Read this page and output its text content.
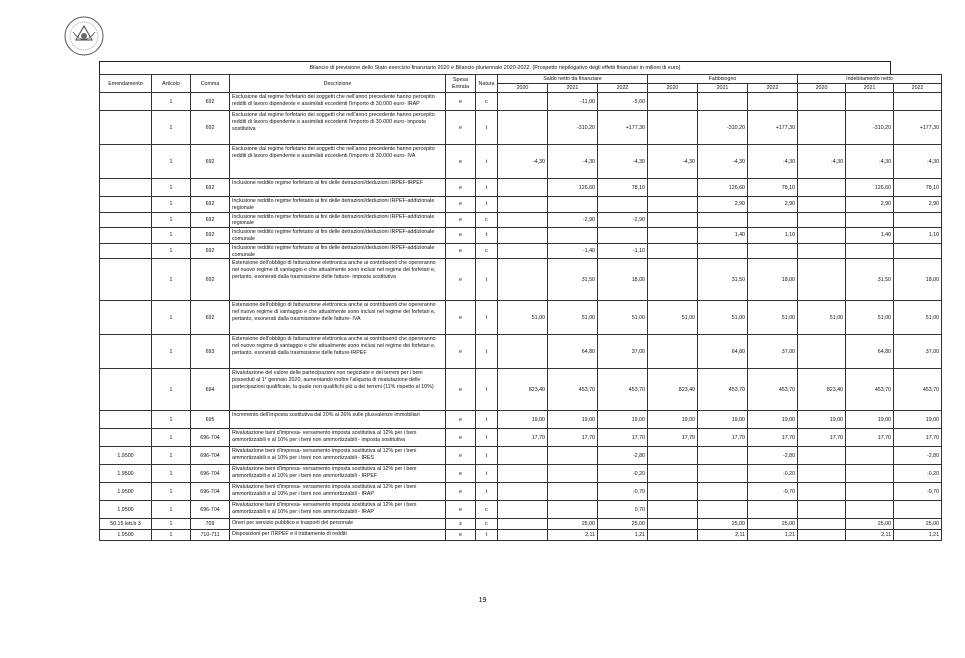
Bilancio di previsione dello Stato esercizio finanziario 2020 e Bilancio pluriennale 2020-2022. (Prospetto riepilogativo degli effetti finanziari in milioni di euro)
Emendamento	Articolo	Comma	Descrizione	Spesa Entrata	Natura	Saldo netto da finanziare			Fabbisogno			Indebitamento netto		
						2020	2021	2022	2020	2021	2022	2020	2021	2022
	1	692	Esclusione dal regime forfetario dei soggetti che nell'anno precedente hanno percepito redditi di lavoro dipendente e assimilati eccedenti l'importo di 30.000 euro- IRAP	e	c		-11,00	-5,60						
	1	692	Esclusione dal regime forfetario dei soggetti che nell'anno precedente hanno percepito redditi di lavoro dipendente e assimilati eccedenti l'importo di 30.000 euro- imposta sostitutiva	e	t		-310,20	+177,30		-310,20	+177,30		-310,20	+177,30
	1	692	Esclusione dal regime forfetario dei soggetti che nell'anno precedente hanno percepito redditi di lavoro dipendente e assimilati eccedenti l'importo di 30.000 euro- IVA	e	t	-4,30	-4,30	-4,30	-4,30	-4,30	-4,30	-4,30	-4,30	-4,30
	1	692	Inclusione reddito regime forfetario ai fini delle detrazioni/deduzioni IRPEF-IRPEF	e	t		126,60	78,10		126,60	78,10		126,60	78,10
	1	692	Inclusione reddito regime forfetario ai fini delle detrazioni/deduzioni IRPEF-addizionale regionale	e	t					2,90	2,90		2,90	2,90
	1	692	Inclusione reddito regime forfetario ai fini delle detrazioni/deduzioni IRPEF-addizionale regionale	e	c		-2,90	-2,90						
	1	692	Inclusione reddito regime forfetario ai fini delle detrazioni/deduzioni IRPEF-addizionale comunale	e	t					1,40	1,10		1,40	1,10
	1	692	Inclusione reddito regime forfetario ai fini delle detrazioni/deduzioni IRPEF-addizionale comunale	e	c		-1,40	-1,10						
	1	692	Estensione dell'obbligo di fatturazione elettronica anche ai contribuenti che opereranno nel nuovo regime di vantaggio e che attualmente sono inclusi nel regime dei forfetari e, pertanto, esonerati dalla trasmissione delle fatture- imposta sostitutiva	e	t		31,50	18,00		31,50	18,00		31,50	18,00
	1	692	Estensione dell'obbligo di fatturazione elettronica anche ai contribuenti che opereranno nel nuovo regime di vantaggio e che attualmente sono inclusi nel regime dei forfetari e, pertanto, esonerati dalla trasmissione delle fatture- IVA	e	t	51,00	51,00	51,00	51,00	51,00	51,00	51,00	51,00	51,00
	1	693	Estensione dell'obbligo di fatturazione elettronica anche ai contribuenti che opereranno nel nuovo regime di vantaggio e che attualmente sono inclusi nel regime dei forfetari e, pertanto, esonerati dalla trasmissione delle fatture-IRPEF	e	t		64,80	37,00		64,80	37,00		64,80	37,00
	1	694	Rivalutazione del valore delle partecipazioni non negoziate e dei terreni per i beni posseduti al 1° gennaio 2020, aumentando inoltre l'aliquota di rivalutazione delle partecipazioni qualificate, la quale non qualifichi più a dei terreni (11% rispetto al 10%)	e	t	823,40	453,70	453,70	823,40	453,70	453,70	823,40	453,70	453,70
	1	695	Incremento dell'imposta sostitutiva dal 20% al 26% sulle plusvalenze immobiliari	e	t	19,00	19,00	19,00	19,00	19,00	19,00	19,00	19,00	19,00
	1	696-704	Rivalutazione beni d'impresa- versamento imposta sostitutiva al 12% per i beni ammortizzabili e al 10% per i beni non ammortizzabili - imposta sostitutiva	e	t	17,70	17,70	17,70	17,70	17,70	17,70	17,70	17,70	17,70
1.9500	1	696-704	Rivalutazione beni d'impresa- versamento imposta sostitutiva al 12% per i beni ammortizzabili e al 10% per i beni non ammortizzabili - IRES	e	t			-2,80			-2,80			-2,80
1.9500	1	696-704	Rivalutazione beni d'impresa- versamento imposta sostitutiva al 12% per i beni ammortizzabili e al 10% per i beni non ammortizzabili - IRPEF	e	t			-0,20			-0,20			-0,20
1.9500	1	696-704	Rivalutazione beni d'impresa- versamento imposta sostitutiva al 12% per i beni ammortizzabili e al 10% per i beni non ammortizzabili - IRAP	e	t			-0,70			-0,70			-0,70
1.9500	1	696-704	Rivalutazione beni d'impresa- versamento imposta sostitutiva al 12% per i beni ammortizzabili e al 10% per i beni non ammortizzabili - IRAP	e	c			0,70						
50.15 lett.b 3	1	709	Oneri per servizio pubblico e trasporti del personale	s	c		25,00	25,00		25,00	25,00		25,00	25,00
1.9500	1	710-711	Disposizioni per l'IRPEF e il trattamento di redditi	e	t		2,11	1,21		2,11	1,21		2,11	1,21
19
